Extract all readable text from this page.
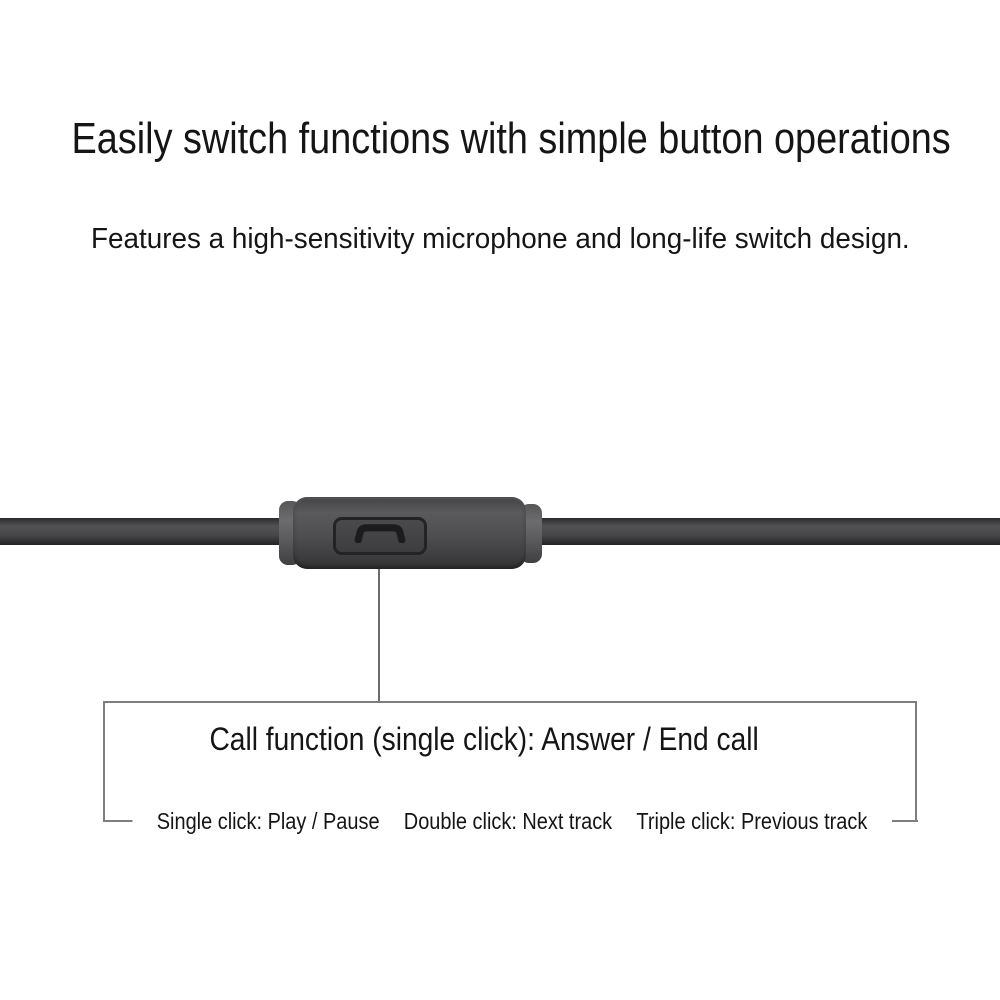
Easily switch functions with simple button operations
Features a high-sensitivity microphone and long-life switch design.
Call function (single click): Answer / End call
Single click: Play / Pause Double click: Next track Triple click: Previous track
